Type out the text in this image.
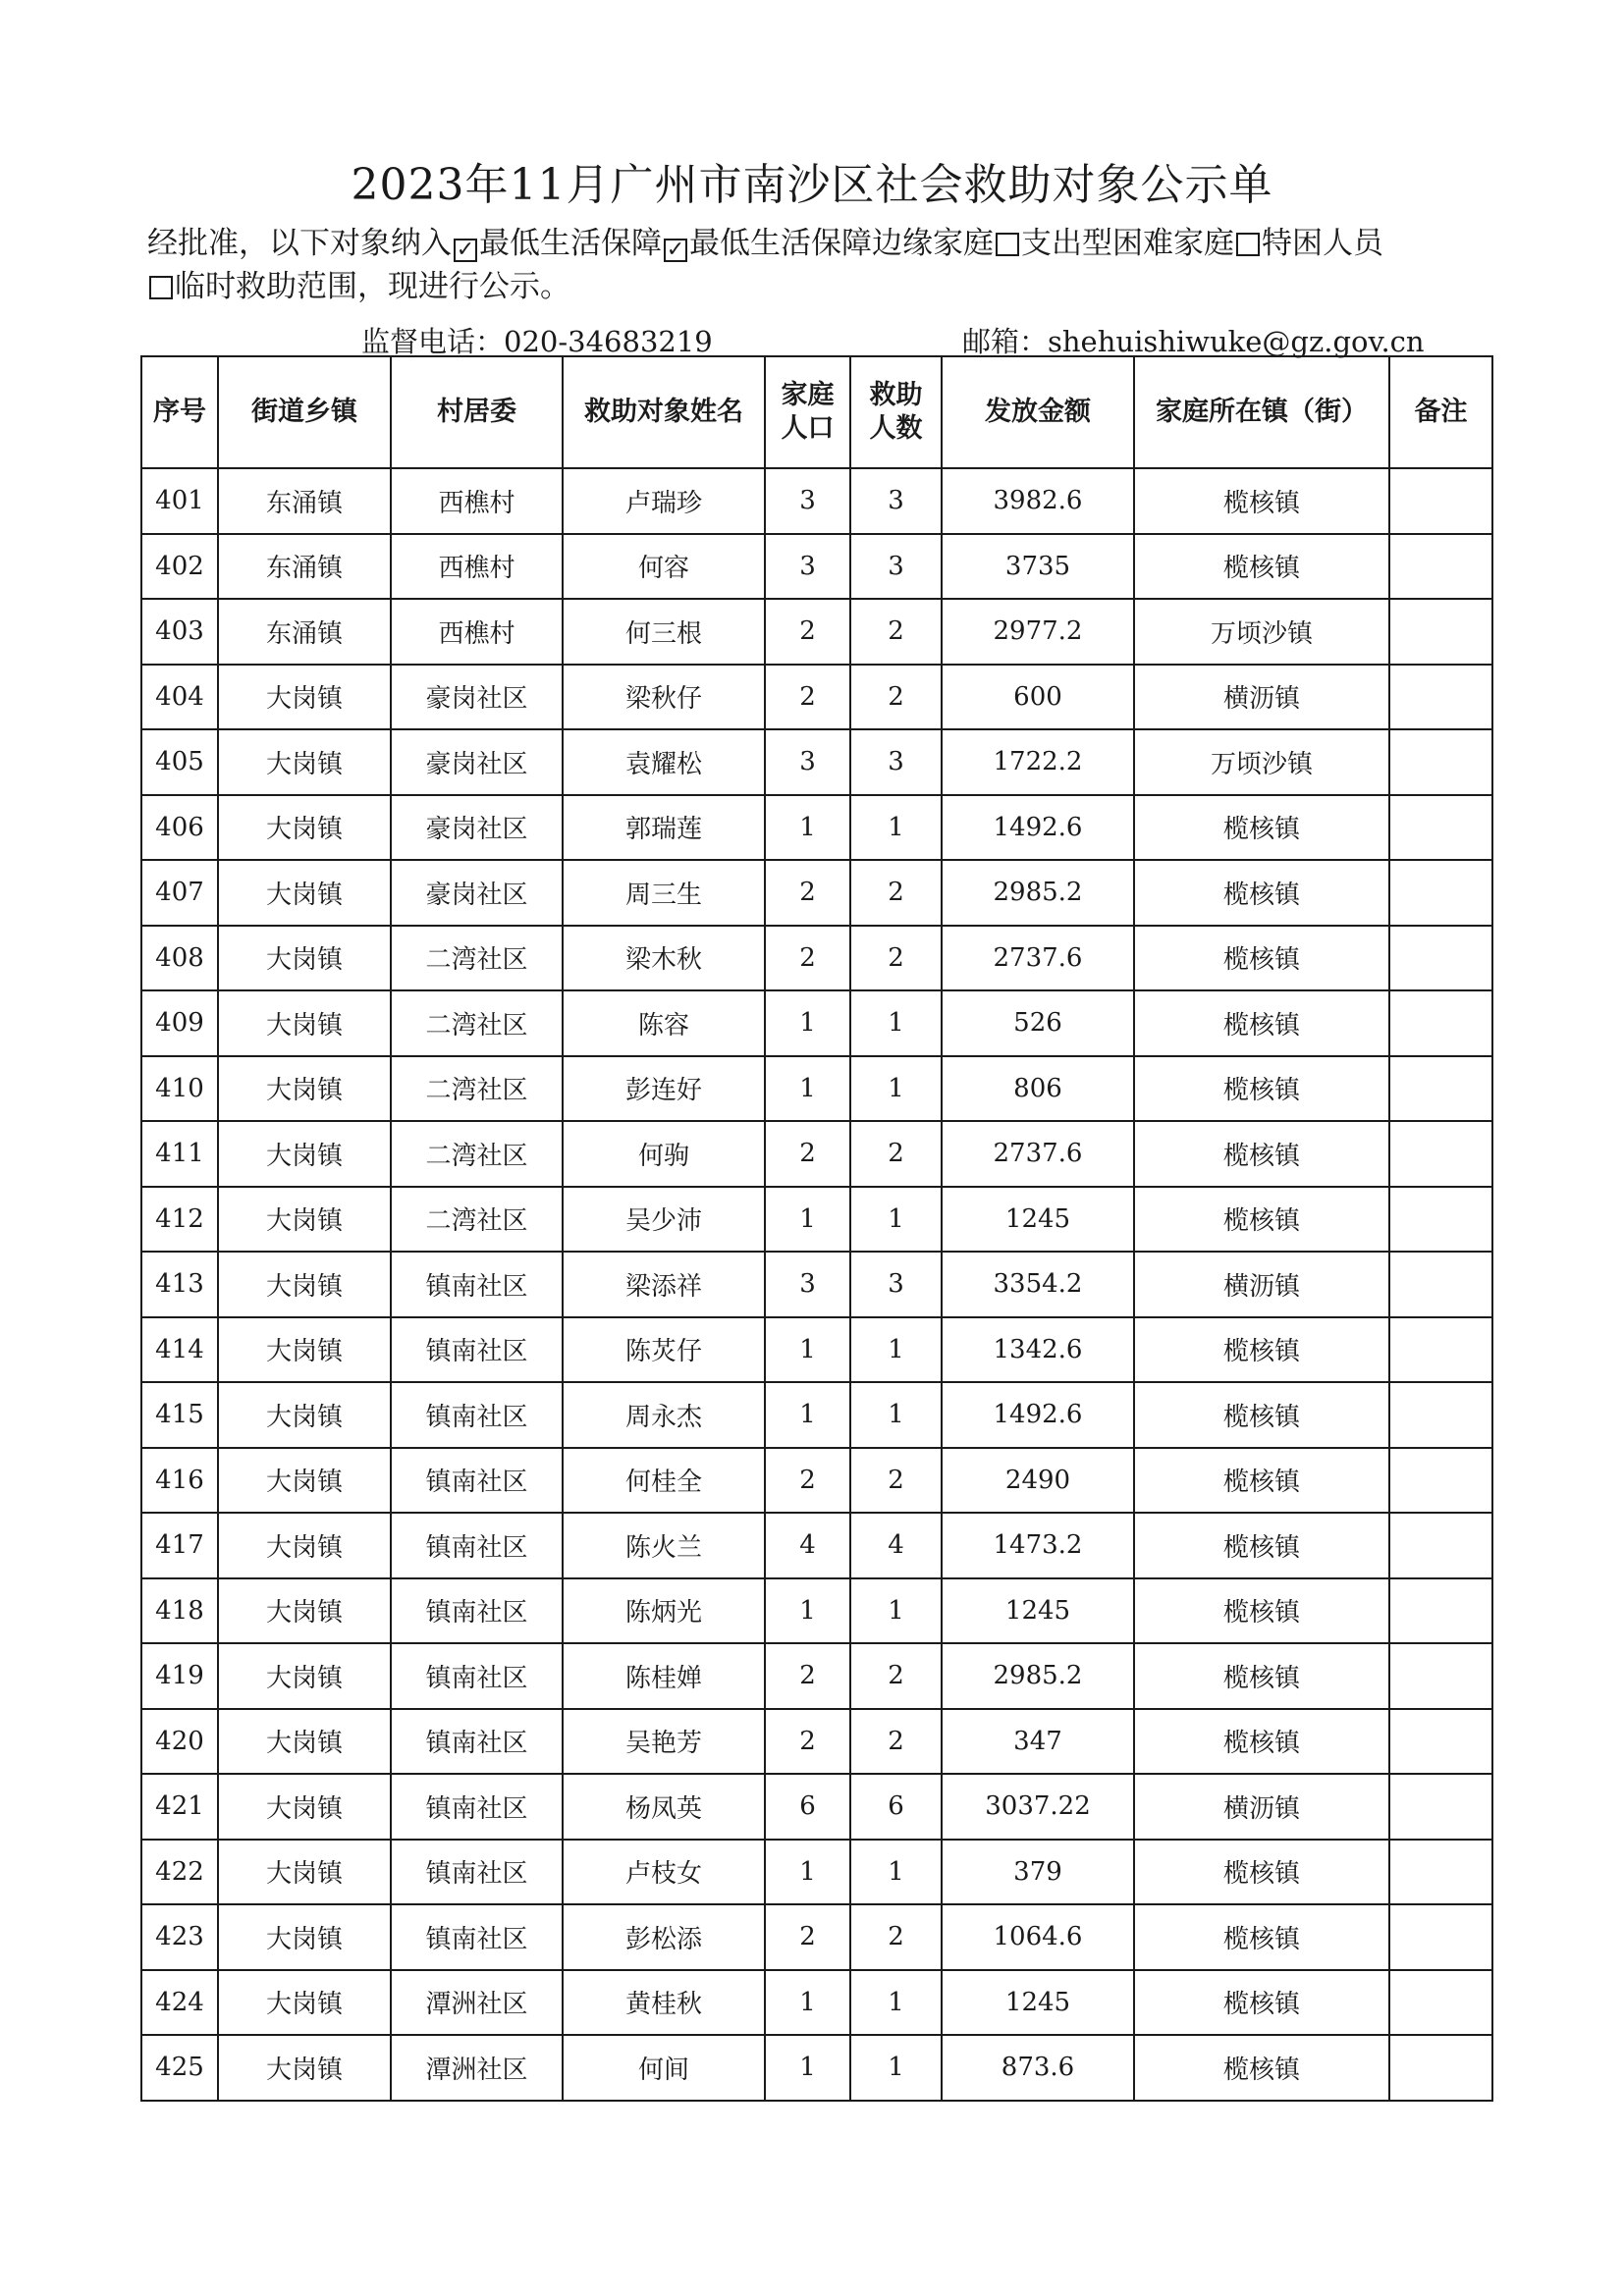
2023年11月广州市南沙区社会救助对象公示单
经批准，以下对象纳入 ✓ 最低生活保障 ✓ 最低生活保障边缘家庭 支出型困难家庭 特困人员
临时救助范围，现进行公示。
监督电话：020-34683219	邮箱：shehuishiwuke@gz.gov.cn
序号	街道乡镇	村居委	救助对象姓名	家庭人口	救助人数	发放金额	家庭所在镇（街）	备注
401	东涌镇	西樵村	卢瑞珍	3	3	3982.6	榄核镇	
402	东涌镇	西樵村	何容	3	3	3735	榄核镇	
403	东涌镇	西樵村	何三根	2	2	2977.2	万顷沙镇	
404	大岗镇	豪岗社区	梁秋仔	2	2	600	横沥镇	
405	大岗镇	豪岗社区	袁耀松	3	3	1722.2	万顷沙镇	
406	大岗镇	豪岗社区	郭瑞莲	1	1	1492.6	榄核镇	
407	大岗镇	豪岗社区	周三生	2	2	2985.2	榄核镇	
408	大岗镇	二湾社区	梁木秋	2	2	2737.6	榄核镇	
409	大岗镇	二湾社区	陈容	1	1	526	榄核镇	
410	大岗镇	二湾社区	彭连好	1	1	806	榄核镇	
411	大岗镇	二湾社区	何驹	2	2	2737.6	榄核镇	
412	大岗镇	二湾社区	吴少沛	1	1	1245	榄核镇	
413	大岗镇	镇南社区	梁添祥	3	3	3354.2	横沥镇	
414	大岗镇	镇南社区	陈炗仔	1	1	1342.6	榄核镇	
415	大岗镇	镇南社区	周永杰	1	1	1492.6	榄核镇	
416	大岗镇	镇南社区	何桂全	2	2	2490	榄核镇	
417	大岗镇	镇南社区	陈火兰	4	4	1473.2	榄核镇	
418	大岗镇	镇南社区	陈炳光	1	1	1245	榄核镇	
419	大岗镇	镇南社区	陈桂婵	2	2	2985.2	榄核镇	
420	大岗镇	镇南社区	吴艳芳	2	2	347	榄核镇	
421	大岗镇	镇南社区	杨凤英	6	6	3037.22	横沥镇	
422	大岗镇	镇南社区	卢枝女	1	1	379	榄核镇	
423	大岗镇	镇南社区	彭松添	2	2	1064.6	榄核镇	
424	大岗镇	潭洲社区	黄桂秋	1	1	1245	榄核镇	
425	大岗镇	潭洲社区	何间	1	1	873.6	榄核镇	
